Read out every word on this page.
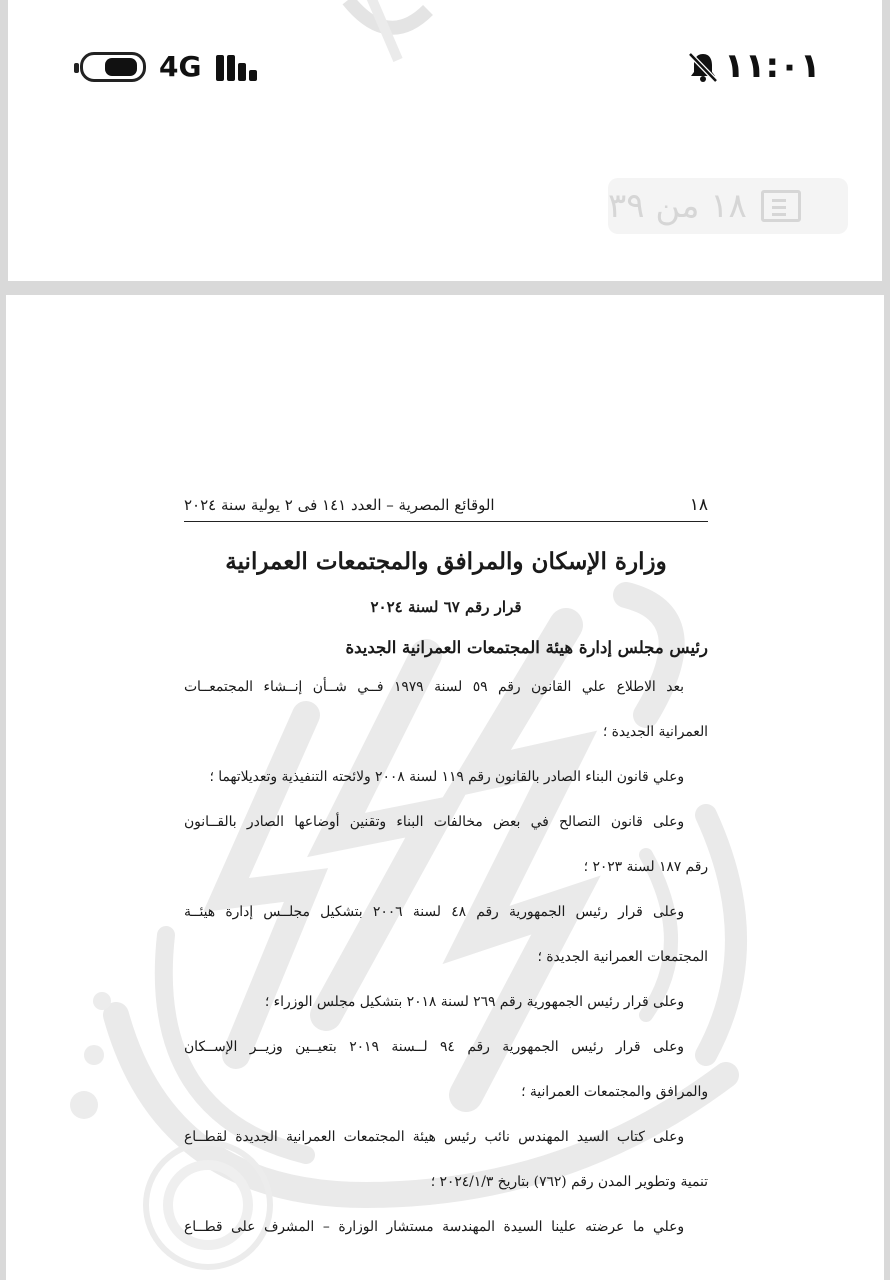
4G	١١:٠١
١٨ من ٣٩
١٨
الوقائع المصرية – العدد ١٤١ فى ٢ يولية سنة ٢٠٢٤
وزارة الإسكان والمرافق والمجتمعات العمرانية
قرار رقم ٦٧ لسنة ٢٠٢٤
رئيس مجلس إدارة هيئة المجتمعات العمرانية الجديدة
بعد الاطلاع علي القانون رقم ٥٩ لسنة ١٩٧٩ فــي شــأن إنــشاء المجتمعــات
العمرانية الجديدة ؛
وعلي قانون البناء الصادر بالقانون رقم ١١٩ لسنة ٢٠٠٨ ولائحته التنفيذية وتعديلاتهما ؛
وعلى قانون التصالح في بعض مخالفات البناء وتقنين أوضاعها الصادر بالقــانون
رقم ١٨٧ لسنة ٢٠٢٣ ؛
وعلى قرار رئيس الجمهورية رقم ٤٨ لسنة ٢٠٠٦ بتشكيل مجلــس إدارة هيئــة
المجتمعات العمرانية الجديدة ؛
وعلى قرار رئيس الجمهورية رقم ٢٦٩ لسنة ٢٠١٨ بتشكيل مجلس الوزراء ؛
وعلى قرار رئيس الجمهورية رقم ٩٤ لــسنة ٢٠١٩ بتعيــين وزيــر الإســكان
والمرافق والمجتمعات العمرانية ؛
وعلى كتاب السيد المهندس نائب رئيس هيئة المجتمعات العمرانية الجديدة لقطــاع
تنمية وتطوير المدن رقم (٧٦٢) بتاريخ ٢٠٢٤/١/٣ ؛
وعلي ما عرضته علينا السيدة المهندسة مستشار الوزارة – المشرف على قطــاع
